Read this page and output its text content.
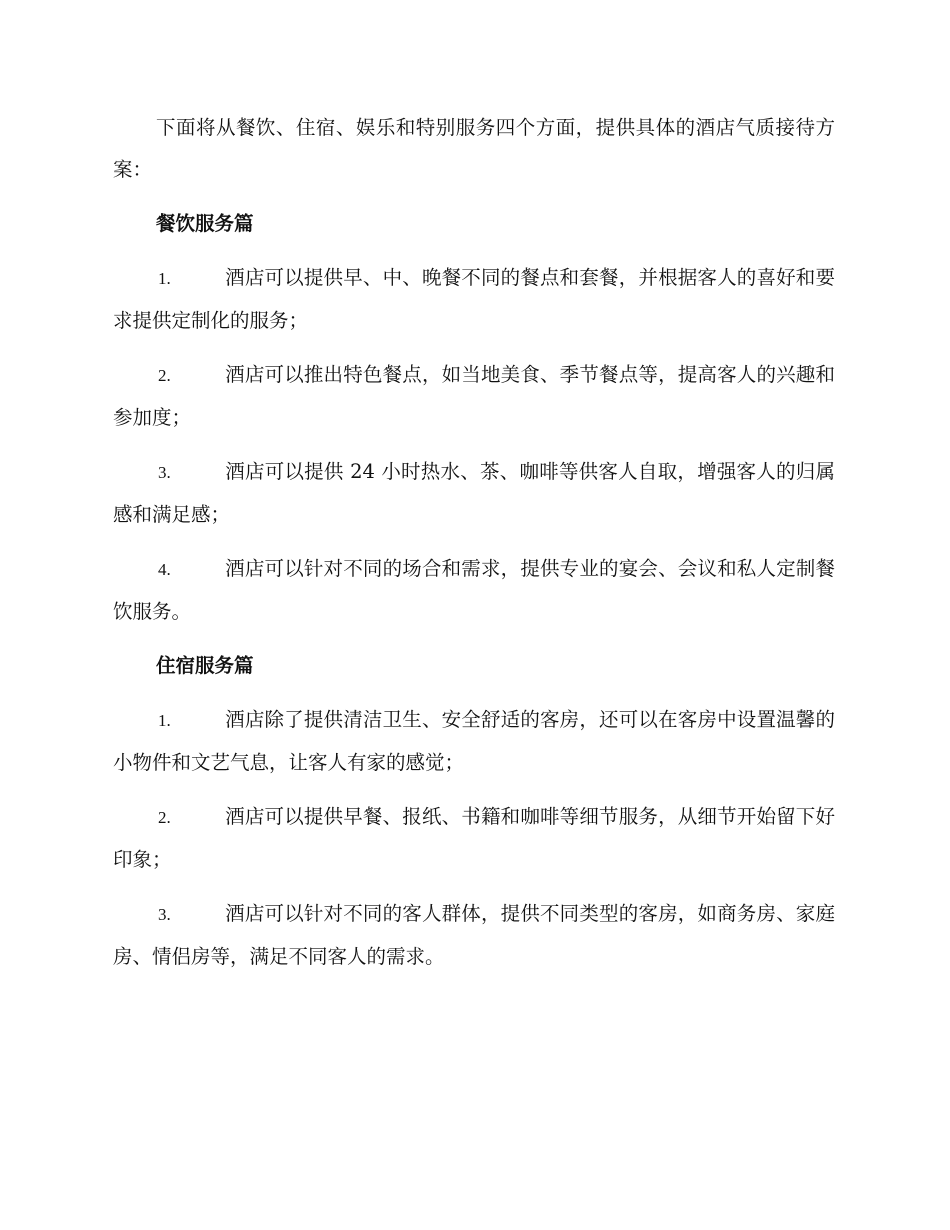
下面将从餐饮、住宿、娱乐和特别服务四个方面，提供具体的酒店气质接待方案：

餐饮服务篇
1.	酒店可以提供早、中、晚餐不同的餐点和套餐，并根据客人的喜好和要求提供定制化的服务；
2.	酒店可以推出特色餐点，如当地美食、季节餐点等，提高客人的兴趣和参加度；
3.	酒店可以提供 24 小时热水、茶、咖啡等供客人自取，增强客人的归属感和满足感；
4.	酒店可以针对不同的场合和需求，提供专业的宴会、会议和私人定制餐饮服务。
住宿服务篇
1.	酒店除了提供清洁卫生、安全舒适的客房，还可以在客房中设置温馨的小物件和文艺气息，让客人有家的感觉；
2.	酒店可以提供早餐、报纸、书籍和咖啡等细节服务，从细节开始留下好印象；
3.	酒店可以针对不同的客人群体，提供不同类型的客房，如商务房、家庭房、情侣房等，满足不同客人的需求。
